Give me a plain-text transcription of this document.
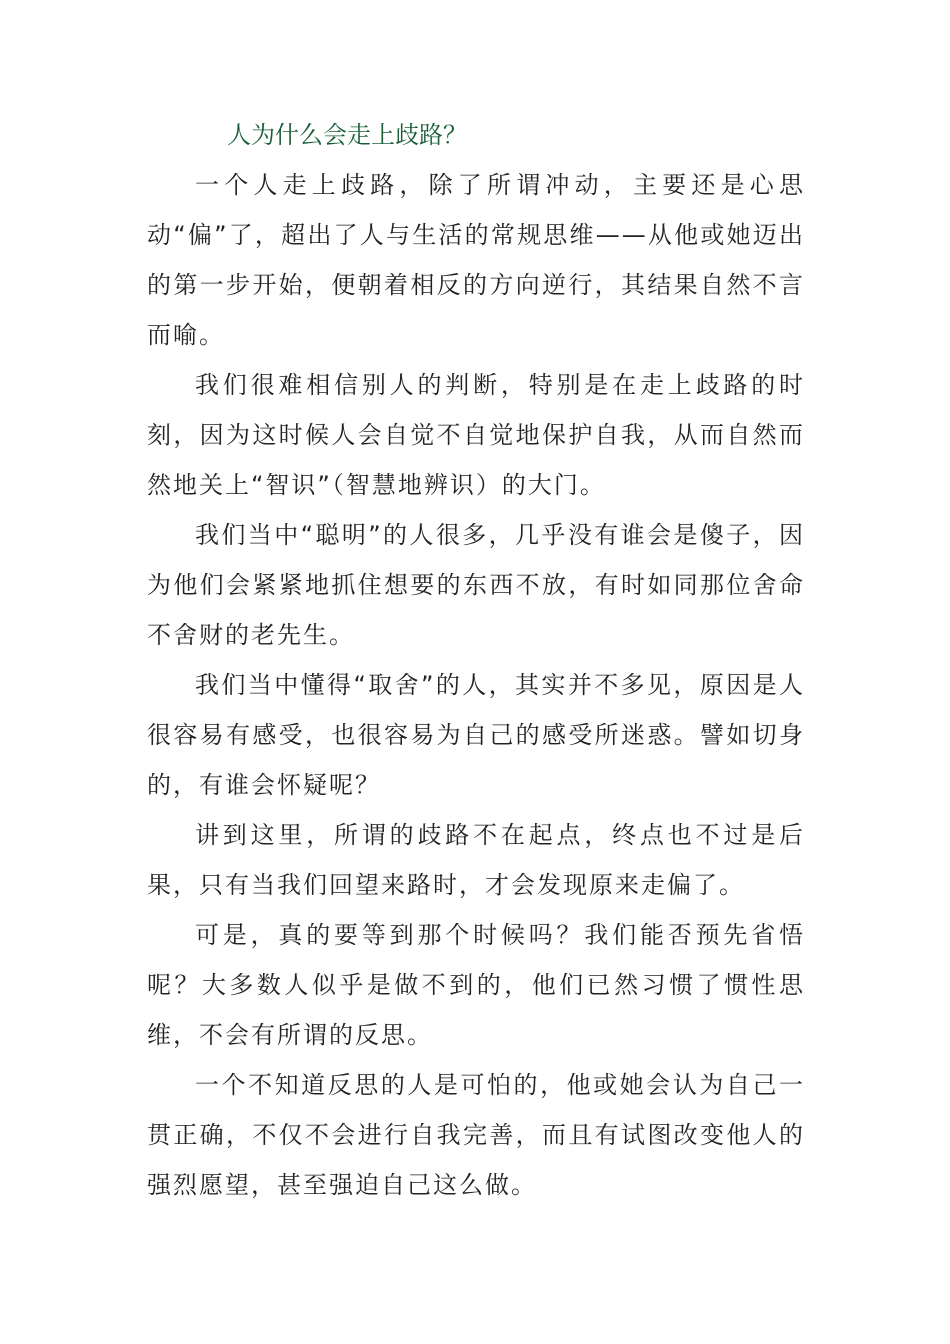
人为什么会走上歧路？

一个人走上歧路，除了所谓冲动，主要还是心思动“偏”了，超出了人与生活的常规思维——从他或她迈出的第一步开始，便朝着相反的方向逆行，其结果自然不言而喻。

我们很难相信别人的判断，特别是在走上歧路的时刻，因为这时候人会自觉不自觉地保护自我，从而自然而然地关上“智识”（智慧地辨识）的大门。

我们当中“聪明”的人很多，几乎没有谁会是傻子，因为他们会紧紧地抓住想要的东西不放，有时如同那位舍命不舍财的老先生。

我们当中懂得“取舍”的人，其实并不多见，原因是人很容易有感受，也很容易为自己的感受所迷惑。譬如切身的，有谁会怀疑呢？

讲到这里，所谓的歧路不在起点，终点也不过是后果，只有当我们回望来路时，才会发现原来走偏了。

可是，真的要等到那个时候吗？我们能否预先省悟呢？大多数人似乎是做不到的，他们已然习惯了惯性思维，不会有所谓的反思。

一个不知道反思的人是可怕的，他或她会认为自己一贯正确，不仅不会进行自我完善，而且有试图改变他人的强烈愿望，甚至强迫自己这么做。
